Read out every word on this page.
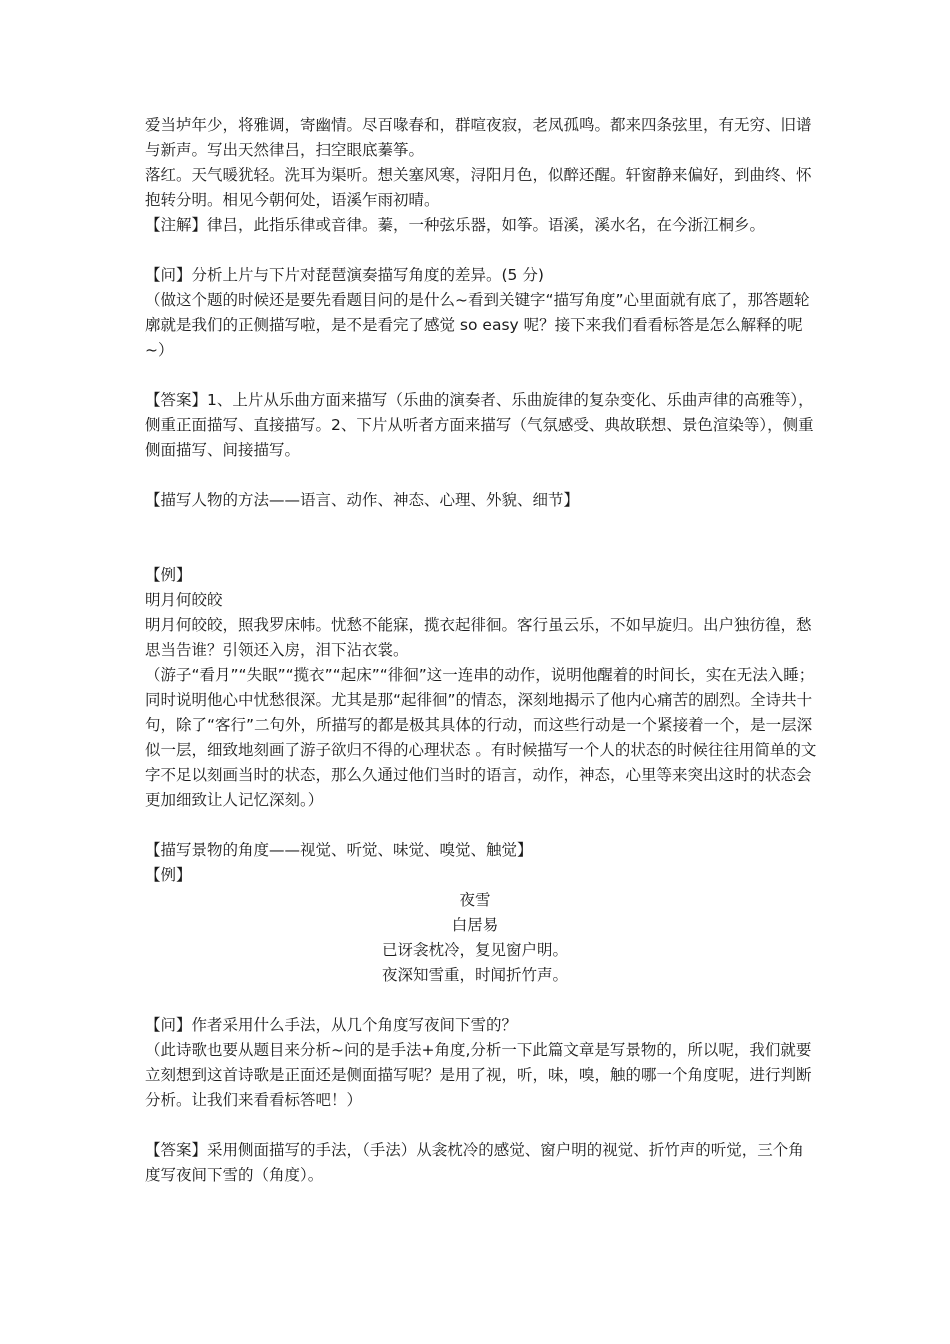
爱当垆年少，将雅调，寄幽情。尽百喙春和，群喧夜寂，老凤孤鸣。都来四条弦里，有无穷、旧谱与新声。写出天然律吕，扫空眼底蓁筝。

落红。天气暖犹轻。洗耳为渠听。想关塞风寒，浔阳月色，似醉还醒。轩窗静来偏好，到曲终、怀抱转分明。相见今朝何处，语溪乍雨初晴。

【注解】律吕，此指乐律或音律。蓁，一种弦乐器，如筝。语溪，溪水名，在今浙江桐乡。

【问】分析上片与下片对琵琶演奏描写角度的差异。(5 分)

（做这个题的时候还是要先看题目问的是什么~看到关键字“描写角度”心里面就有底了，那答题轮廓就是我们的正侧描写啦，是不是看完了感觉 so easy 呢？接下来我们看看标答是怎么解释的呢~）

【答案】1、上片从乐曲方面来描写（乐曲的演奏者、乐曲旋律的复杂变化、乐曲声律的高雅等），侧重正面描写、直接描写。2、下片从听者方面来描写（气氛感受、典故联想、景色渲染等），侧重侧面描写、间接描写。

【描写人物的方法——语言、动作、神态、心理、外貌、细节】

【例】

明月何皎皎

明月何皎皎，照我罗床帏。忧愁不能寐，揽衣起徘徊。客行虽云乐，不如早旋归。出户独彷徨，愁思当告谁？引领还入房，泪下沾衣裳。

（游子“看月”“失眠”“揽衣”“起床”“徘徊”这一连串的动作，说明他醒着的时间长，实在无法入睡；同时说明他心中忧愁很深。尤其是那“起徘徊”的情态，深刻地揭示了他内心痛苦的剧烈。全诗共十句，除了“客行”二句外，所描写的都是极其具体的行动，而这些行动是一个紧接着一个，是一层深似一层，细致地刻画了游子欲归不得的心理状态 。有时候描写一个人的状态的时候往往用简单的文字不足以刻画当时的状态，那么久通过他们当时的语言，动作，神态，心里等来突出这时的状态会更加细致让人记忆深刻。）

【描写景物的角度——视觉、听觉、味觉、嗅觉、触觉】

【例】

夜雪

白居易

已讶衾枕冷，复见窗户明。

夜深知雪重，时闻折竹声。

【问】作者采用什么手法，从几个角度写夜间下雪的？

（此诗歌也要从题目来分析~问的是手法+角度,分析一下此篇文章是写景物的，所以呢，我们就要立刻想到这首诗歌是正面还是侧面描写呢？是用了视，听，味，嗅，触的哪一个角度呢，进行判断分析。让我们来看看标答吧！）

【答案】采用侧面描写的手法，（手法）从衾枕冷的感觉、窗户明的视觉、折竹声的听觉，三个角度写夜间下雪的（角度）。
